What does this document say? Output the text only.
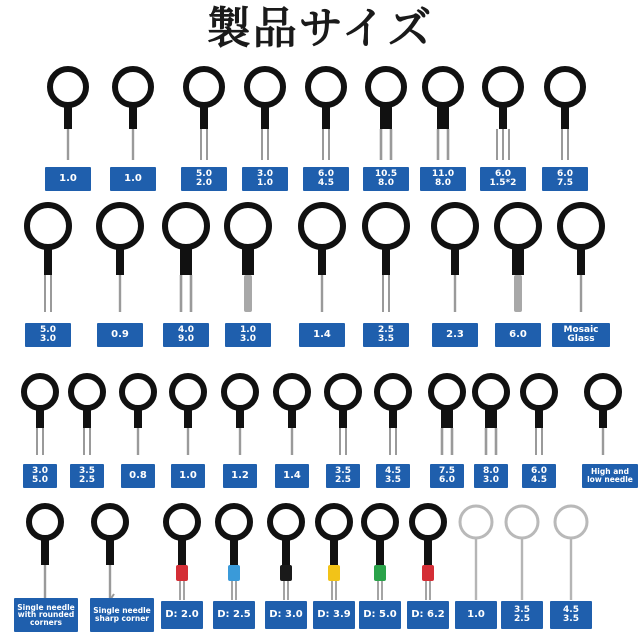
製品サイズ
1.0	1.0	5.0
2.0
3.0
1.0
6.0
4.5
10.5
8.0
11.0
8.0
6.0
1.5*2
6.0
7.5
5.0
3.0	0.9	4.0
9.0
1.0
3.0	1.4	2.5
3.5	2.3	6.0	Mosaic
Glass
3.0
5.0
3.5
2.5	0.8	1.0	1.2	1.4	3.5
2.5
4.5
3.5
7.5
6.0
8.0
3.0
6.0
4.5
High and
low needle
Single needle
with rounded
corners
Single needle
sharp corner D: 2.0 D: 2.5 D: 3.0 D: 3.9 D: 5.0 D: 6.2 1.0	3.5
2.5
4.5
3.5
